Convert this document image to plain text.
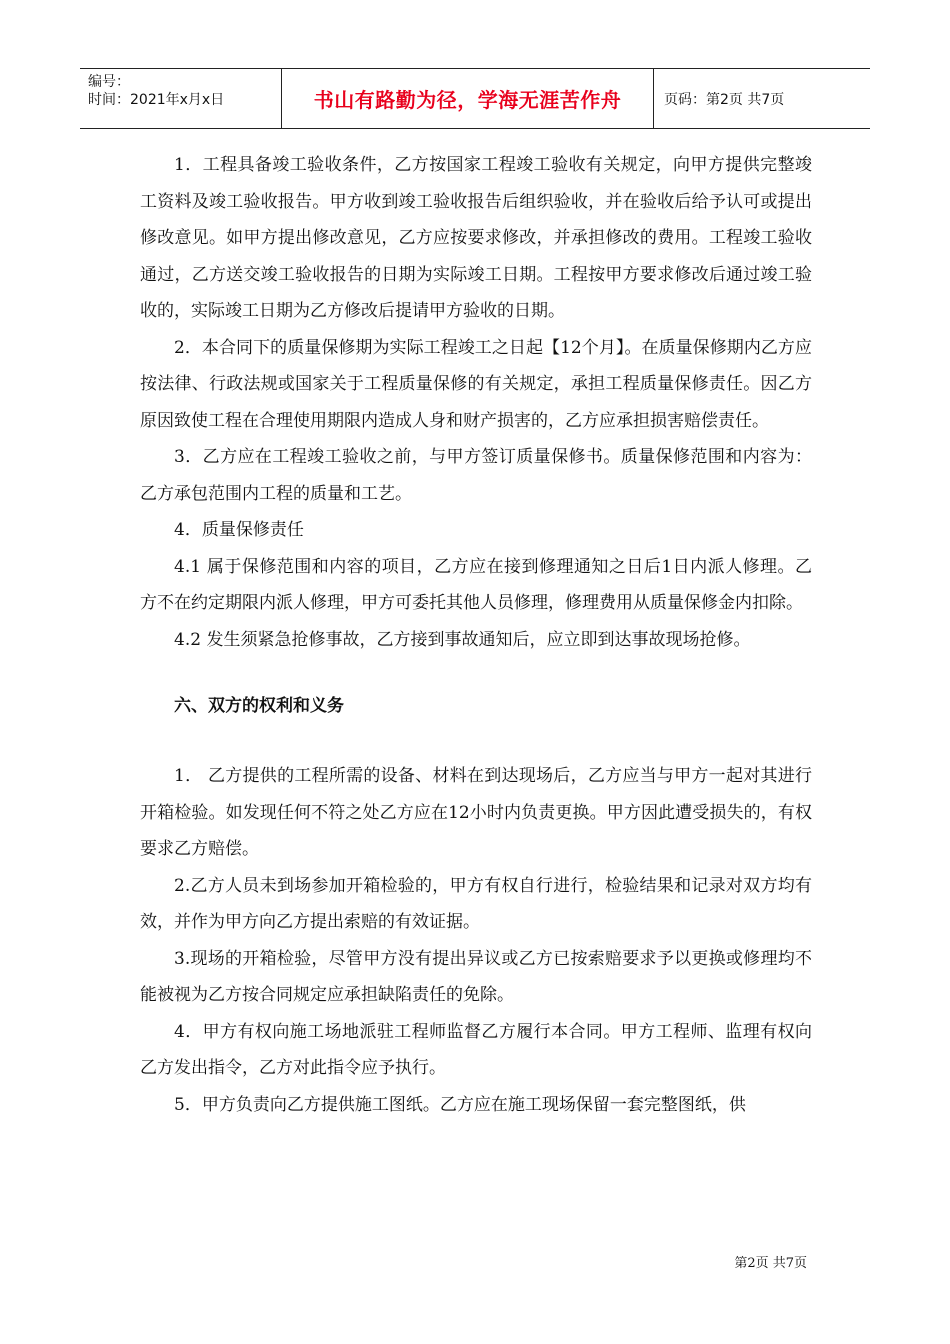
编号：
时间：2021年x月x日	书山有路勤为径，学海无涯苦作舟	页码：第2页 共7页

1．工程具备竣工验收条件，乙方按国家工程竣工验收有关规定，向甲方提供完整竣工资料及竣工验收报告。甲方收到竣工验收报告后组织验收，并在验收后给予认可或提出修改意见。如甲方提出修改意见，乙方应按要求修改，并承担修改的费用。工程竣工验收通过，乙方送交竣工验收报告的日期为实际竣工日期。工程按甲方要求修改后通过竣工验收的，实际竣工日期为乙方修改后提请甲方验收的日期。

2．本合同下的质量保修期为实际工程竣工之日起【12个月】。在质量保修期内乙方应按法律、行政法规或国家关于工程质量保修的有关规定，承担工程质量保修责任。因乙方原因致使工程在合理使用期限内造成人身和财产损害的，乙方应承担损害赔偿责任。

3．乙方应在工程竣工验收之前，与甲方签订质量保修书。质量保修范围和内容为：乙方承包范围内工程的质量和工艺。

4．质量保修责任

4.1 属于保修范围和内容的项目，乙方应在接到修理通知之日后1日内派人修理。乙方不在约定期限内派人修理，甲方可委托其他人员修理，修理费用从质量保修金内扣除。

4.2 发生须紧急抢修事故，乙方接到事故通知后，应立即到达事故现场抢修。

六、双方的权利和义务

1． 乙方提供的工程所需的设备、材料在到达现场后，乙方应当与甲方一起对其进行开箱检验。如发现任何不符之处乙方应在12小时内负责更换。甲方因此遭受损失的，有权要求乙方赔偿。

2.乙方人员未到场参加开箱检验的，甲方有权自行进行，检验结果和记录对双方均有效，并作为甲方向乙方提出索赔的有效证据。

3.现场的开箱检验，尽管甲方没有提出异议或乙方已按索赔要求予以更换或修理均不能被视为乙方按合同规定应承担缺陷责任的免除。

4．甲方有权向施工场地派驻工程师监督乙方履行本合同。甲方工程师、监理有权向乙方发出指令，乙方对此指令应予执行。

5．甲方负责向乙方提供施工图纸。乙方应在施工现场保留一套完整图纸，供

第2页 共7页
